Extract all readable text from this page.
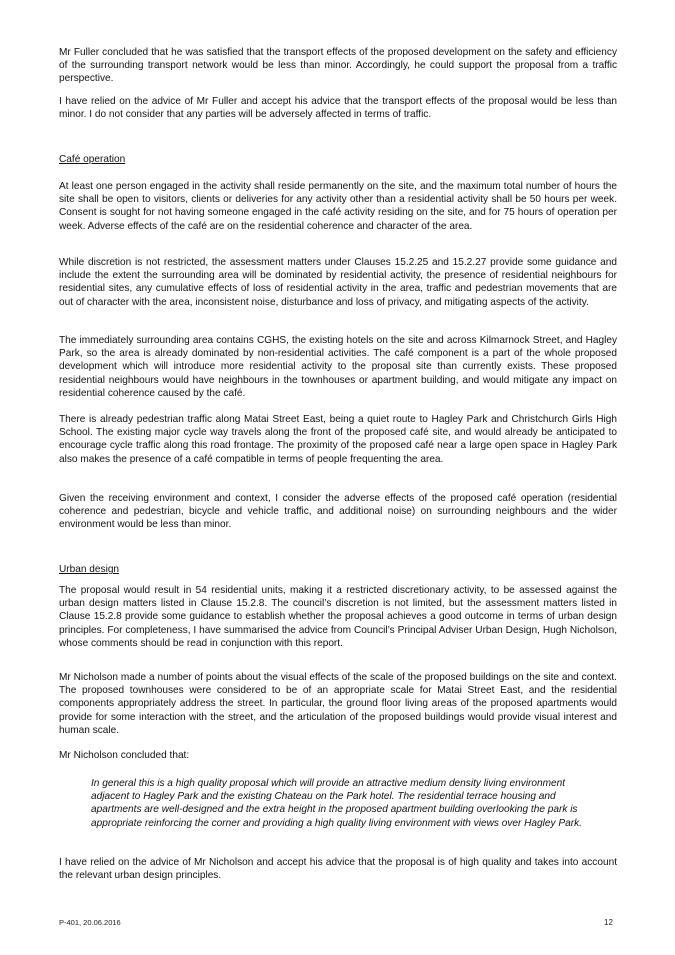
Mr Fuller concluded that he was satisfied that the transport effects of the proposed development on the safety and efficiency of the surrounding transport network would be less than minor. Accordingly, he could support the proposal from a traffic perspective.

I have relied on the advice of Mr Fuller and accept his advice that the transport effects of the proposal would be less than minor. I do not consider that any parties will be adversely affected in terms of traffic.

Café operation

At least one person engaged in the activity shall reside permanently on the site, and the maximum total number of hours the site shall be open to visitors, clients or deliveries for any activity other than a residential activity shall be 50 hours per week. Consent is sought for not having someone engaged in the café activity residing on the site, and for 75 hours of operation per week. Adverse effects of the café are on the residential coherence and character of the area.

While discretion is not restricted, the assessment matters under Clauses 15.2.25 and 15.2.27 provide some guidance and include the extent the surrounding area will be dominated by residential activity, the presence of residential neighbours for residential sites, any cumulative effects of loss of residential activity in the area, traffic and pedestrian movements that are out of character with the area, inconsistent noise, disturbance and loss of privacy, and mitigating aspects of the activity.

The immediately surrounding area contains CGHS, the existing hotels on the site and across Kilmarnock Street, and Hagley Park, so the area is already dominated by non-residential activities. The café component is a part of the whole proposed development which will introduce more residential activity to the proposal site than currently exists. These proposed residential neighbours would have neighbours in the townhouses or apartment building, and would mitigate any impact on residential coherence caused by the café.

There is already pedestrian traffic along Matai Street East, being a quiet route to Hagley Park and Christchurch Girls High School. The existing major cycle way travels along the front of the proposed café site, and would already be anticipated to encourage cycle traffic along this road frontage. The proximity of the proposed café near a large open space in Hagley Park also makes the presence of a café compatible in terms of people frequenting the area.

Given the receiving environment and context, I consider the adverse effects of the proposed café operation (residential coherence and pedestrian, bicycle and vehicle traffic, and additional noise) on surrounding neighbours and the wider environment would be less than minor.

Urban design

The proposal would result in 54 residential units, making it a restricted discretionary activity, to be assessed against the urban design matters listed in Clause 15.2.8. The council’s discretion is not limited, but the assessment matters listed in Clause 15.2.8 provide some guidance to establish whether the proposal achieves a good outcome in terms of urban design principles. For completeness, I have summarised the advice from Council’s Principal Adviser Urban Design, Hugh Nicholson, whose comments should be read in conjunction with this report.

Mr Nicholson made a number of points about the visual effects of the scale of the proposed buildings on the site and context. The proposed townhouses were considered to be of an appropriate scale for Matai Street East, and the residential components appropriately address the street. In particular, the ground floor living areas of the proposed apartments would provide for some interaction with the street, and the articulation of the proposed buildings would provide visual interest and human scale.

Mr Nicholson concluded that:

In general this is a high quality proposal which will provide an attractive medium density living environment adjacent to Hagley Park and the existing Chateau on the Park hotel. The residential terrace housing and apartments are well-designed and the extra height in the proposed apartment building overlooking the park is appropriate reinforcing the corner and providing a high quality living environment with views over Hagley Park.

I have relied on the advice of Mr Nicholson and accept his advice that the proposal is of high quality and takes into account the relevant urban design principles.

P-401, 20.06.2016	12
